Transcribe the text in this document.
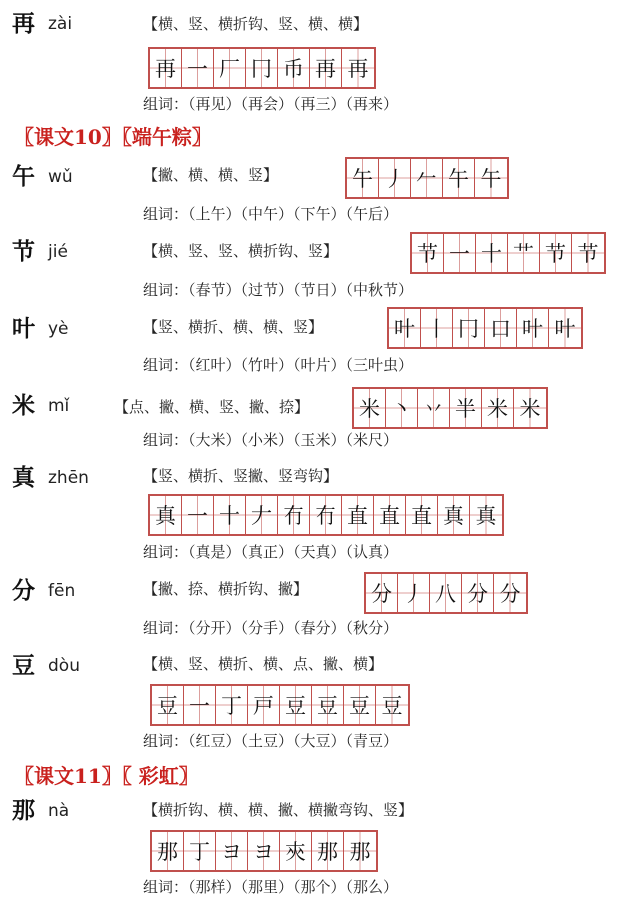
再 zài	【横、竖、横折钩、竖、横、横】
再 一 厂 冂 币 再 再
组词：（再见）（再会）（再三）（再来）
〖课文10〗〖端午粽〗
午 wǔ	【撇、横、横、竖】	午 丿 𠂉 午 午
组词：（上午）（中午）（下午）（午后）
节 jié	【横、竖、竖、横折钩、竖】	节 一 十 艹 节 节
组词：（春节）（过节）（节日）（中秋节）
叶 yè	【竖、横折、横、横、竖】	叶 丨 冂 口 叶 叶
组词：（红叶）（竹叶）（叶片）（三叶虫）
米 mǐ	【点、撇、横、竖、撇、捺】 米 丶 丷 半 米 米
组词：（大米）（小米）（玉米）（米尺）
真 zhēn	【竖、横折、竖撇、竖弯钩】
真 一 十 𠂇 冇 冇 直 直 直 真 真
组词：（真是）（真正）（天真）（认真）
分 fēn	【撇、捺、横折钩、撇】	分 丿 八 分 分
组词：（分开）（分手）（春分）（秋分）
豆 dòu	【横、竖、横折、横、点、撇、横】
豆 一 丁 戸 豆 豆 豆 豆
组词：（红豆）（土豆）（大豆）（青豆）
〖课文11〗〖 彩虹〗
那 nà	【横折钩、横、横、撇、横撇弯钩、竖】
那 丁 ヨ ヨ 㚒 那 那
组词：（那样）（那里）（那个）（那么）
